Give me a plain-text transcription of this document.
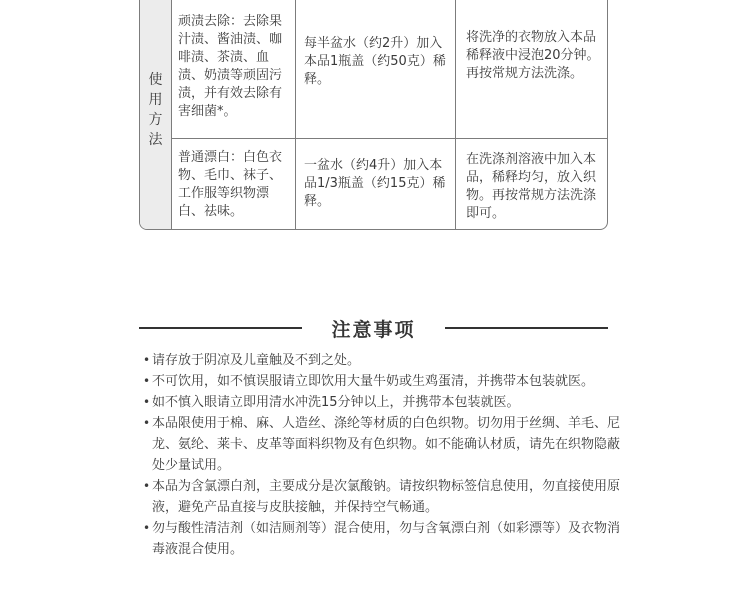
使用方法
顽渍去除：去除果汁渍、酱油渍、咖啡渍、茶渍、血渍、奶渍等顽固污渍，并有效去除有害细菌*。
每半盆水（约2升）加入本品1瓶盖（约50克）稀释。
将洗净的衣物放入本品稀释液中浸泡20分钟。再按常规方法洗涤。
普通漂白：白色衣物、毛巾、袜子、工作服等织物漂白、祛味。
一盆水（约4升）加入本品1/3瓶盖（约15克）稀释。
在洗涤剂溶液中加入本品，稀释均匀，放入织物。再按常规方法洗涤即可。
注意事项
• 请存放于阴凉及儿童触及不到之处。
• 不可饮用，如不慎误服请立即饮用大量牛奶或生鸡蛋清，并携带本包装就医。
• 如不慎入眼请立即用清水冲洗15分钟以上，并携带本包装就医。
• 本品限使用于棉、麻、人造丝、涤纶等材质的白色织物。切勿用于丝绸、羊毛、尼龙、氨纶、莱卡、皮革等面料织物及有色织物。如不能确认材质，请先在织物隐蔽处少量试用。
• 本品为含氯漂白剂，主要成分是次氯酸钠。请按织物标签信息使用，勿直接使用原液，避免产品直接与皮肤接触，并保持空气畅通。
• 勿与酸性清洁剂（如洁厕剂等）混合使用，勿与含氧漂白剂（如彩漂等）及衣物消毒液混合使用。
